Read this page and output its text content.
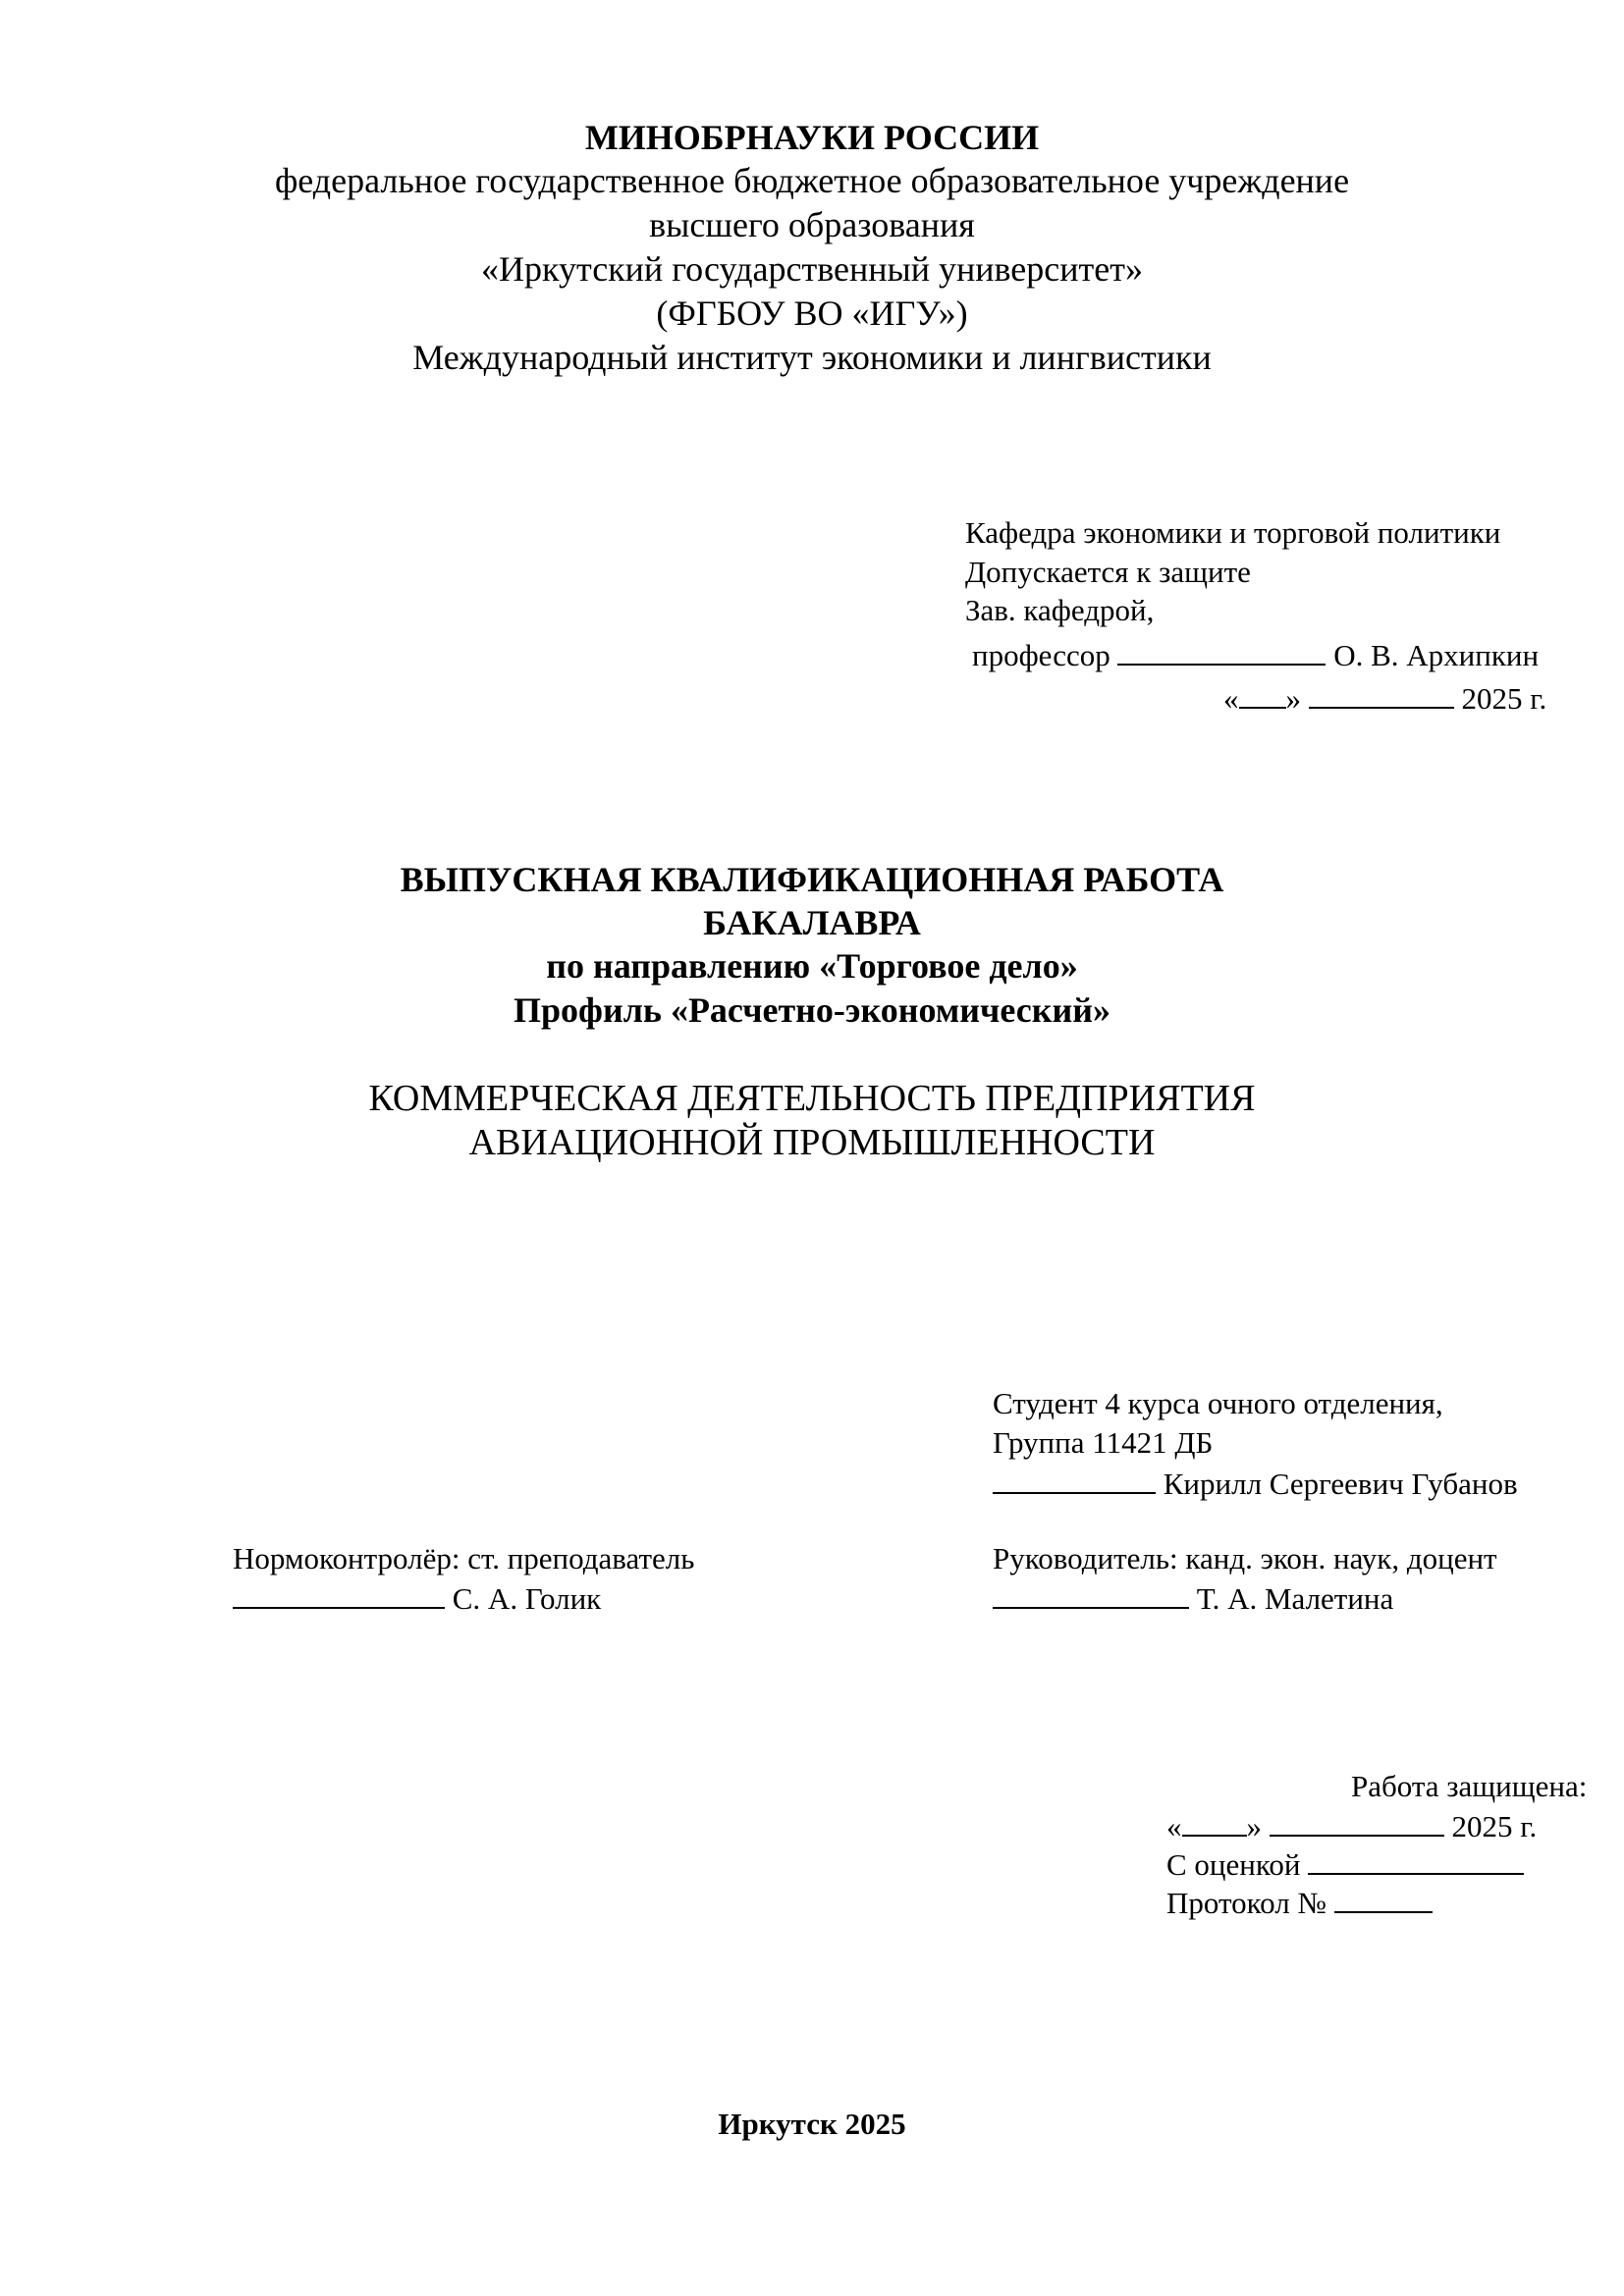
МИНОБРНАУКИ РОССИИ
федеральное государственное бюджетное образовательное учреждение
высшего образования
«Иркутский государственный университет»
(ФГБОУ ВО «ИГУ»)
Международный институт экономики и лингвистики
Кафедра экономики и торговой политики
Допускается к защите
Зав. кафедрой,
профессор	О. В. Архипкин
« »	2025 г.
ВЫПУСКНАЯ КВАЛИФИКАЦИОННАЯ РАБОТА
БАКАЛАВРА
по направлению «Торговое дело»
Профиль «Расчетно-экономический»
КОММЕРЧЕСКАЯ ДЕЯТЕЛЬНОСТЬ ПРЕДПРИЯТИЯ
АВИАЦИОННОЙ ПРОМЫШЛЕННОСТИ
Студент 4 курса очного отделения,
Группа 11421 ДБ
Кирилл Сергеевич Губанов
Нормоконтролёр: ст. преподаватель
С. А. Голик
Руководитель: канд. экон. наук, доцент
Т. А. Малетина
Работа защищена:
« »	2025 г.
С оценкой
Протокол №
Иркутск 2025
